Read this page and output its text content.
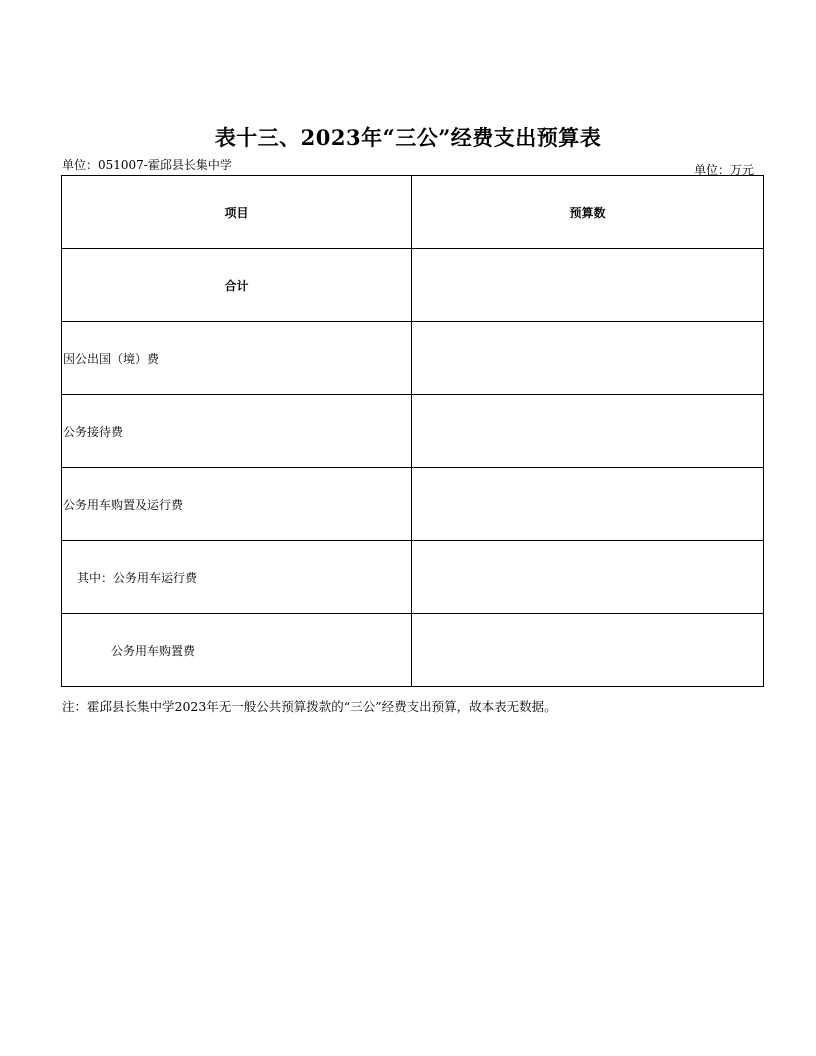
表十三、2023年“三公”经费支出预算表
单位：051007-霍邱县长集中学	单位：万元
项目	预算数
合计	
因公出国（境）费	
公务接待费	
公务用车购置及运行费	
其中：公务用车运行费	
公务用车购置费	
注：霍邱县长集中学2023年无一般公共预算拨款的“三公”经费支出预算，故本表无数据。
